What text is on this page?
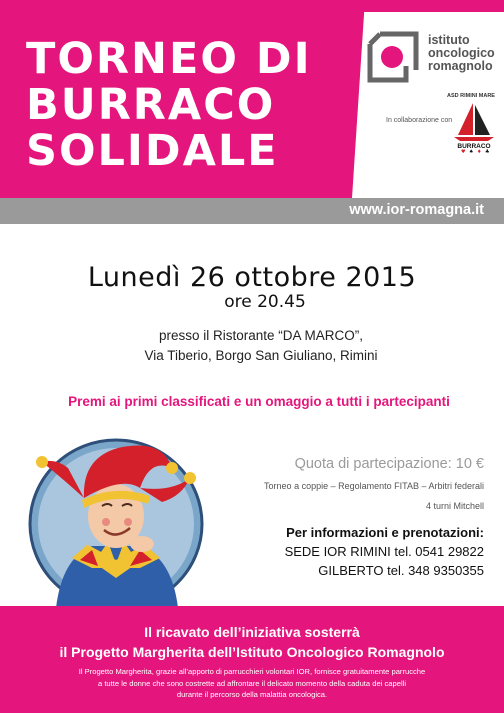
TORNEO DI
BURRACO
SOLIDALE
istituto
oncologico
romagnolo
In collaborazione con
BURRACO
♥ ♠ ♦ ♣
ASD RIMINI MARE
www.ior-romagna.it
Lunedì 26 ottobre 2015
ore 20.45
presso il Ristorante “DA MARCO”,
Via Tiberio, Borgo San Giuliano, Rimini
Premi ai primi classificati e un omaggio a tutti i partecipanti
Quota di partecipazione: 10 €
Torneo a coppie – Regolamento FITAB – Arbitri federali
4 turni Mitchell
Per informazioni e prenotazioni:
SEDE IOR RIMINI tel. 0541 29822
GILBERTO tel. 348 9350355
Il ricavato dell’iniziativa sosterrà
il Progetto Margherita dell’Istituto Oncologico Romagnolo
Il Progetto Margherita, grazie all’apporto di parrucchieri volontari IOR, fornisce gratuitamente parrucche
a tutte le donne che sono costrette ad affrontare il delicato momento della caduta dei capelli
durante il percorso della malattia oncologica.
